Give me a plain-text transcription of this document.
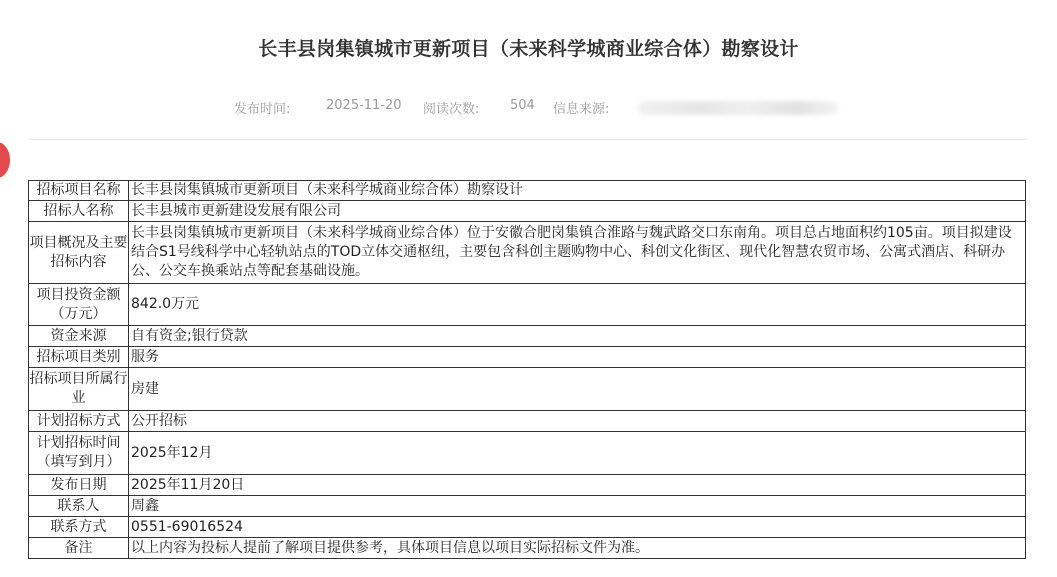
长丰县岗集镇城市更新项目（未来科学城商业综合体）勘察设计
发布时间:	2025-11-20 阅读次数: 504 信息来源:
招标项目名称	长丰县岗集镇城市更新项目（未来科学城商业综合体）勘察设计
招标人名称	长丰县城市更新建设发展有限公司
项目概况及主要招标内容	长丰县岗集镇城市更新项目（未来科学城商业综合体）位于安徽合肥岗集镇合淮路与魏武路交口东南角。项目总占地面积约105亩。项目拟建设结合S1号线科学中心轻轨站点的TOD立体交通枢纽，主要包含科创主题购物中心、科创文化街区、现代化智慧农贸市场、公寓式酒店、科研办公、公交车换乘站点等配套基础设施。
项目投资金额（万元）	842.0万元
资金来源	自有资金;银行贷款
招标项目类别	服务
招标项目所属行业	房建
计划招标方式	公开招标
计划招标时间（填写到月）	2025年12月
发布日期	2025年11月20日
联系人	周鑫
联系方式	0551-69016524
备注	以上内容为投标人提前了解项目提供参考，具体项目信息以项目实际招标文件为准。
